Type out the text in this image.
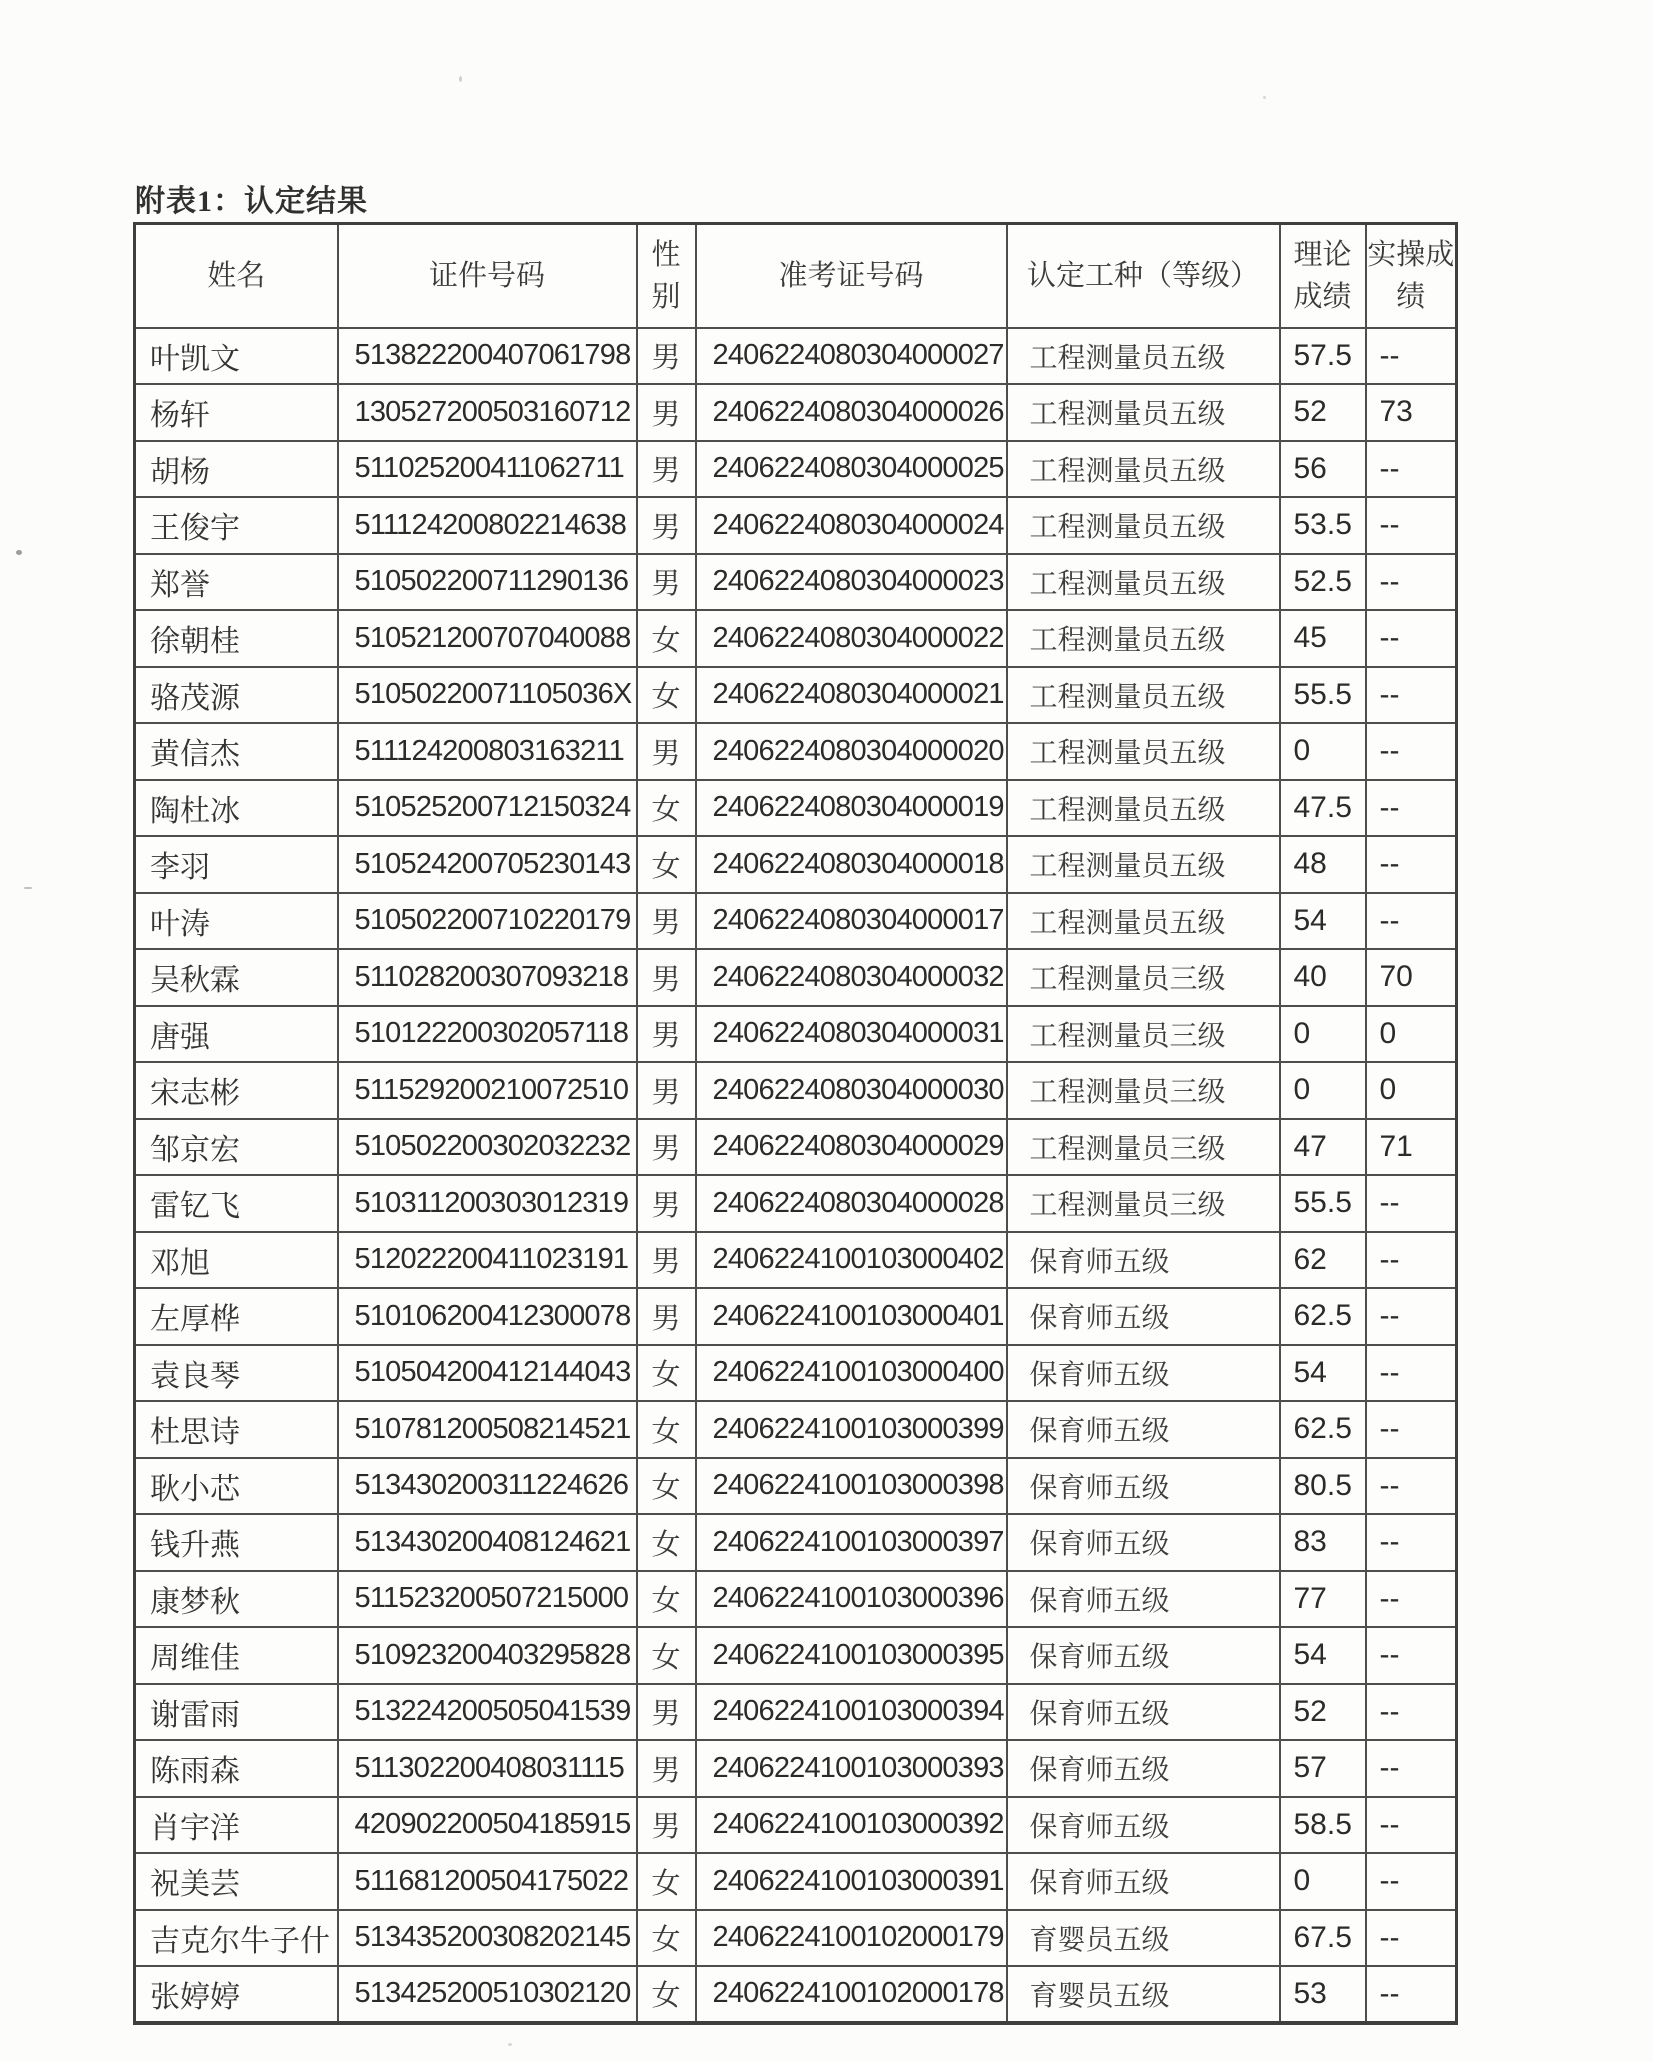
附表1：认定结果
姓名	证件号码	性别	准考证号码	认定工种（等级）	理论成绩	实操成绩
叶凯文	513822200407061798	男	2406224080304000027	工程测量员五级	57.5	--
杨轩	130527200503160712	男	2406224080304000026	工程测量员五级	52	73
胡杨	511025200411062711	男	2406224080304000025	工程测量员五级	56	--
王俊宇	511124200802214638	男	2406224080304000024	工程测量员五级	53.5	--
郑誉	510502200711290136	男	2406224080304000023	工程测量员五级	52.5	--
徐朝桂	510521200707040088	女	2406224080304000022	工程测量员五级	45	--
骆茂源	51050220071105036X	女	2406224080304000021	工程测量员五级	55.5	--
黄信杰	511124200803163211	男	2406224080304000020	工程测量员五级	0	--
陶杜冰	510525200712150324	女	2406224080304000019	工程测量员五级	47.5	--
李羽	510524200705230143	女	2406224080304000018	工程测量员五级	48	--
叶涛	510502200710220179	男	2406224080304000017	工程测量员五级	54	--
吴秋霖	511028200307093218	男	2406224080304000032	工程测量员三级	40	70
唐强	510122200302057118	男	2406224080304000031	工程测量员三级	0	0
宋志彬	511529200210072510	男	2406224080304000030	工程测量员三级	0	0
邹京宏	510502200302032232	男	2406224080304000029	工程测量员三级	47	71
雷钇飞	510311200303012319	男	2406224080304000028	工程测量员三级	55.5	--
邓旭	512022200411023191	男	2406224100103000402	保育师五级	62	--
左厚桦	510106200412300078	男	2406224100103000401	保育师五级	62.5	--
袁良琴	510504200412144043	女	2406224100103000400	保育师五级	54	--
杜思诗	510781200508214521	女	2406224100103000399	保育师五级	62.5	--
耿小芯	513430200311224626	女	2406224100103000398	保育师五级	80.5	--
钱升燕	513430200408124621	女	2406224100103000397	保育师五级	83	--
康梦秋	511523200507215000	女	2406224100103000396	保育师五级	77	--
周维佳	510923200403295828	女	2406224100103000395	保育师五级	54	--
谢雷雨	513224200505041539	男	2406224100103000394	保育师五级	52	--
陈雨森	511302200408031115	男	2406224100103000393	保育师五级	57	--
肖宇洋	420902200504185915	男	2406224100103000392	保育师五级	58.5	--
祝美芸	511681200504175022	女	2406224100103000391	保育师五级	0	--
吉克尔牛子什	513435200308202145	女	2406224100102000179	育婴员五级	67.5	--
张婷婷	513425200510302120	女	2406224100102000178	育婴员五级	53	--
